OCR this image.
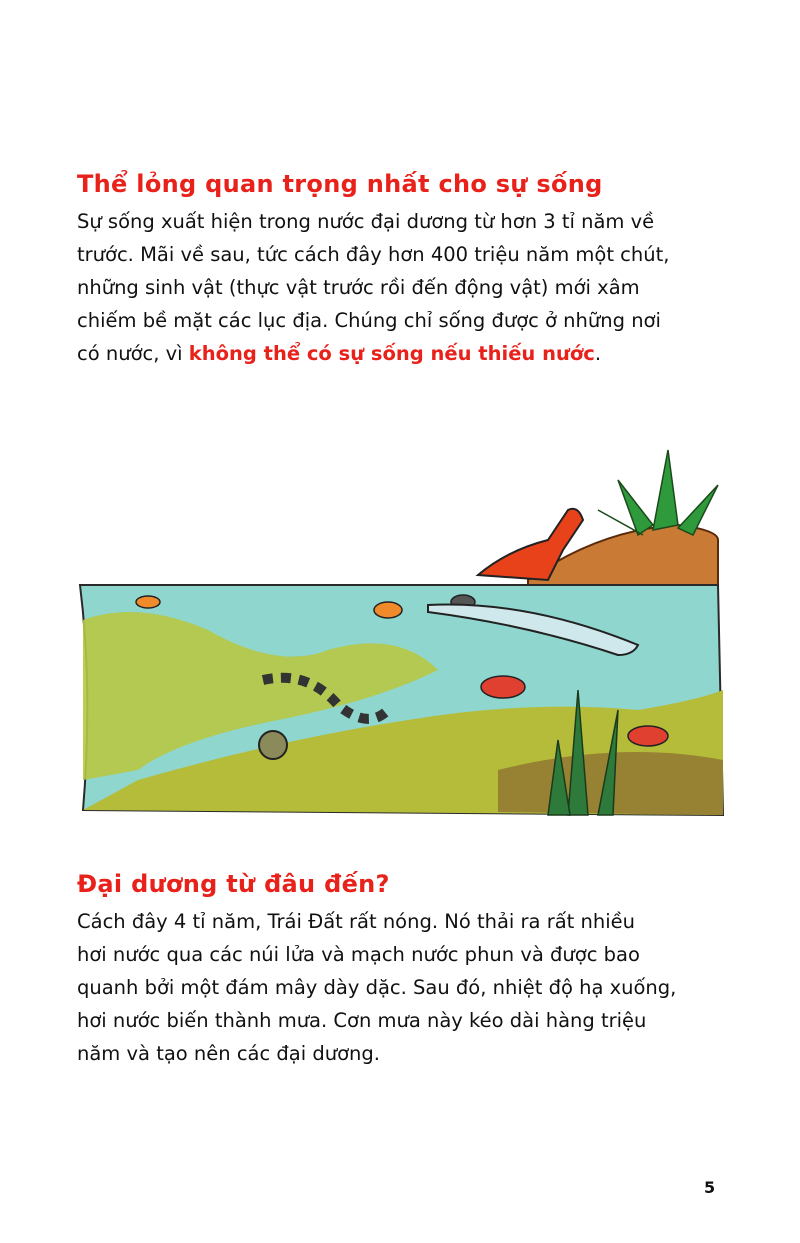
Thể lỏng quan trọng nhất cho sự sống
Sự sống xuất hiện trong nước đại dương từ hơn 3 tỉ năm về
trước. Mãi về sau, tức cách đây hơn 400 triệu năm một chút,
những sinh vật (thực vật trước rồi đến động vật) mới xâm
chiếm bề mặt các lục địa. Chúng chỉ sống được ở những nơi
có nước, vì không thể có sự sống nếu thiếu nước.
Đại dương từ đâu đến?
Cách đây 4 tỉ năm, Trái Đất rất nóng. Nó thải ra rất nhiều
hơi nước qua các núi lửa và mạch nước phun và được bao
quanh bởi một đám mây dày dặc. Sau đó, nhiệt độ hạ xuống,
hơi nước biến thành mưa. Cơn mưa này kéo dài hàng triệu
năm và tạo nên các đại dương.
5
